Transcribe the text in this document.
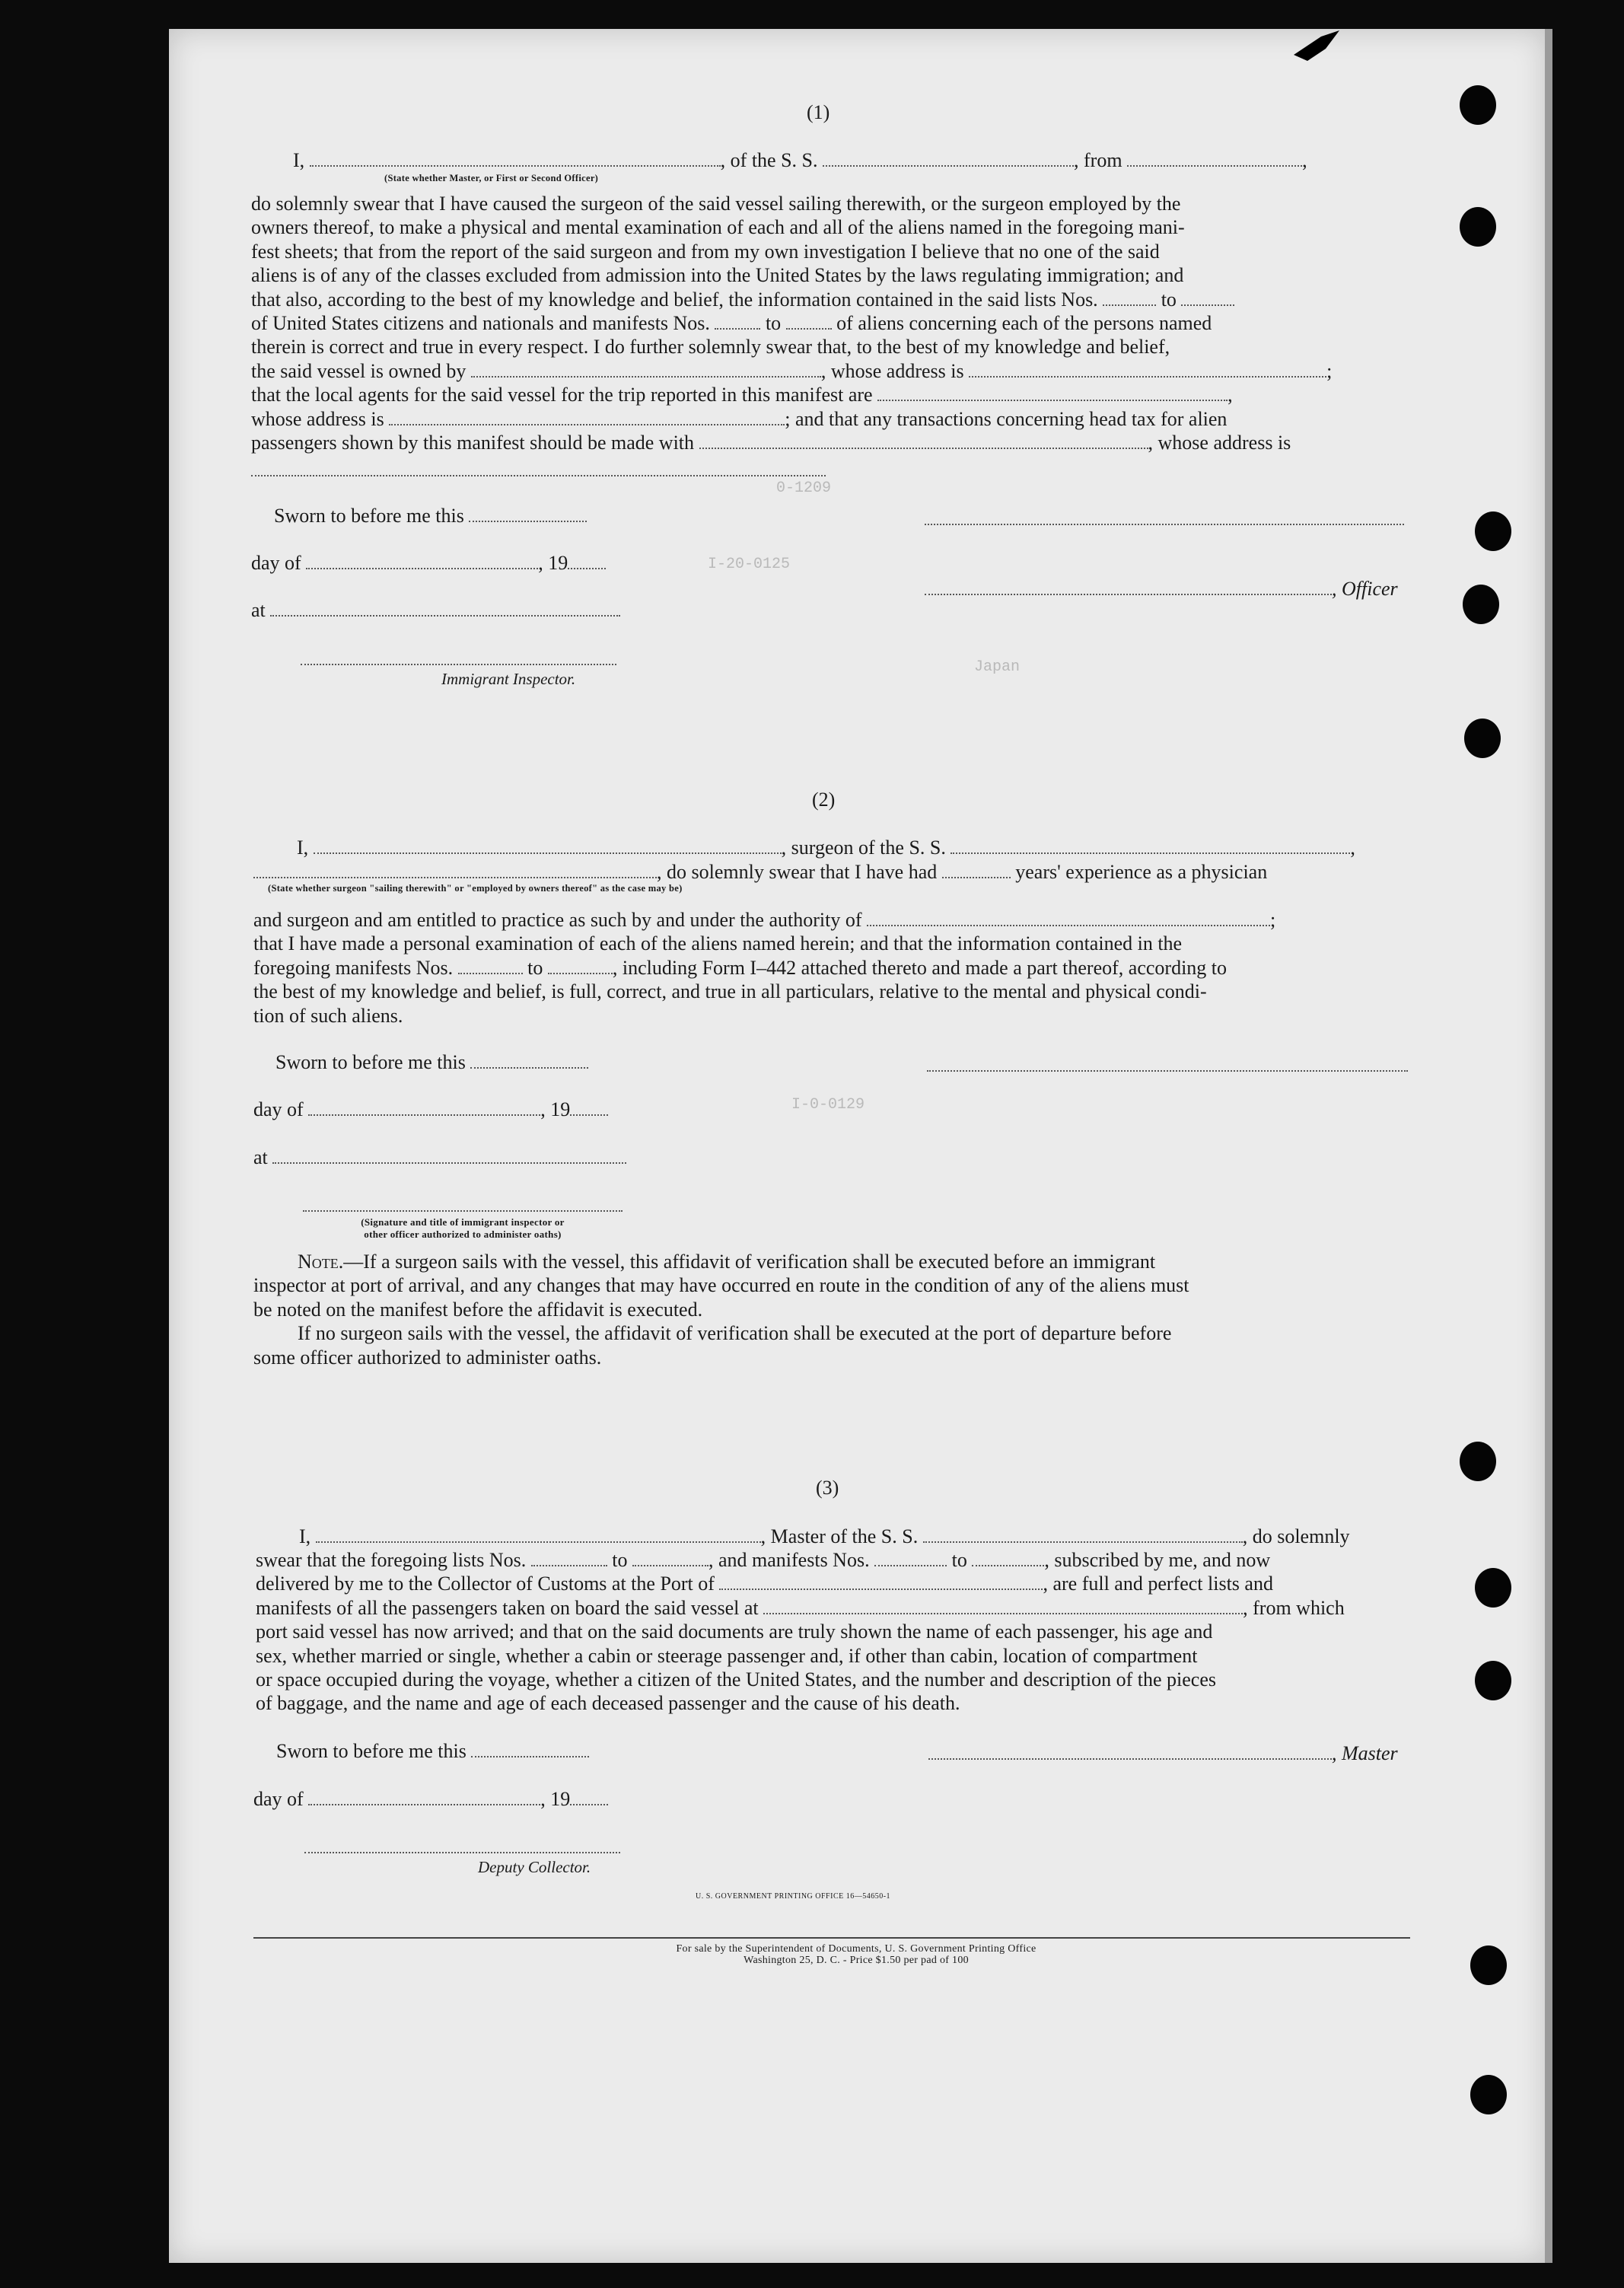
I-20-0125
Japan
0-1209
I-0-0129
(1)
I,	, of the S. S.	, from	,
(State whether Master, or First or Second Officer)
do solemnly swear that I have caused the surgeon of the said vessel sailing therewith, or the surgeon employed by the
owners thereof, to make a physical and mental examination of each and all of the aliens named in the foregoing mani-
fest sheets; that from the report of the said surgeon and from my own investigation I believe that no one of the said
aliens is of any of the classes excluded from admission into the United States by the laws regulating immigration; and
that also, according to the best of my knowledge and belief, the information contained in the said lists Nos.	to
of United States citizens and nationals and manifests Nos.	to	of aliens concerning each of the persons named
therein is correct and true in every respect. I do further solemnly swear that, to the best of my knowledge and belief,
the said vessel is owned by	, whose address is	;
that the local agents for the said vessel for the trip reported in this manifest are	,
whose address is	; and that any transactions concerning head tax for alien
passengers shown by this manifest should be made with	, whose address is
Sworn to before me this
day of	, 19
at
, Officer
Immigrant Inspector.
(2)
I,	, surgeon of the S. S.	,
, do solemnly swear that I have had	years' experience as a physician
(State whether surgeon "sailing therewith" or "employed by owners thereof" as the case may be)
and surgeon and am entitled to practice as such by and under the authority of	;
that I have made a personal examination of each of the aliens named herein; and that the information contained in the
foregoing manifests Nos.	to	, including Form I–442 attached thereto and made a part thereof, according to
the best of my knowledge and belief, is full, correct, and true in all particulars, relative to the mental and physical condi-
tion of such aliens.
Sworn to before me this
day of	, 19
at
(Signature and title of immigrant inspector or
other officer authorized to administer oaths)
Note.—If a surgeon sails with the vessel, this affidavit of verification shall be executed before an immigrant
inspector at port of arrival, and any changes that may have occurred en route in the condition of any of the aliens must
be noted on the manifest before the affidavit is executed.
If no surgeon sails with the vessel, the affidavit of verification shall be executed at the port of departure before
some officer authorized to administer oaths.
(3)
I,	, Master of the S. S.	, do solemnly
swear that the foregoing lists Nos.	to	, and manifests Nos.	to	, subscribed by me, and now
delivered by me to the Collector of Customs at the Port of	, are full and perfect lists and
manifests of all the passengers taken on board the said vessel at	, from which
port said vessel has now arrived; and that on the said documents are truly shown the name of each passenger, his age and
sex, whether married or single, whether a cabin or steerage passenger and, if other than cabin, location of compartment
or space occupied during the voyage, whether a citizen of the United States, and the number and description of the pieces
of baggage, and the name and age of each deceased passenger and the cause of his death.
Sworn to before me this	, Master
day of	, 19
Deputy Collector.
U. S. GOVERNMENT PRINTING OFFICE 16—54650-1
For sale by the Superintendent of Documents, U. S. Government Printing Office
Washington 25, D. C. - Price $1.50 per pad of 100
